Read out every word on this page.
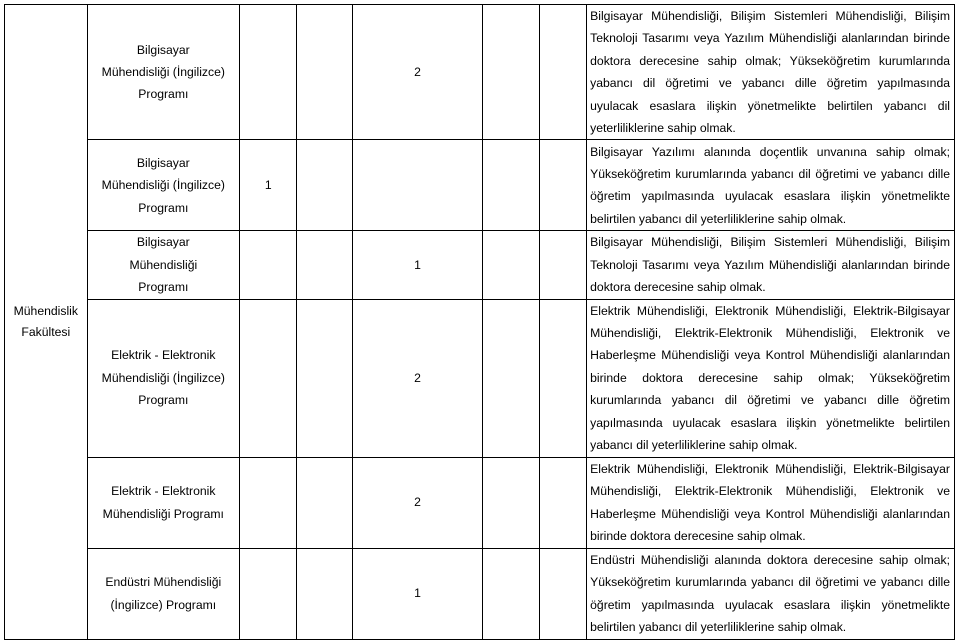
Mühendislik Fakültesi	Bilgisayar Mühendisliği (İngilizce) Programı			2			Bilgisayar Mühendisliği, Bilişim Sistemleri Mühendisliği, Bilişim Teknoloji Tasarımı veya Yazılım Mühendisliği alanlarından birinde doktora derecesine sahip olmak; Yükseköğretim kurumlarında yabancı dil öğretimi ve yabancı dille öğretim yapılmasında uyulacak esaslara ilişkin yönetmelikte belirtilen yabancı dil yeterliliklerine sahip olmak.
	Bilgisayar Mühendisliği (İngilizce) Programı	1					Bilgisayar Yazılımı alanında doçentlik unvanına sahip olmak; Yükseköğretim kurumlarında yabancı dil öğretimi ve yabancı dille öğretim yapılmasında uyulacak esaslara ilişkin yönetmelikte belirtilen yabancı dil yeterliliklerine sahip olmak.
	Bilgisayar Mühendisliği Programı			1			Bilgisayar Mühendisliği, Bilişim Sistemleri Mühendisliği, Bilişim Teknoloji Tasarımı veya Yazılım Mühendisliği alanlarından birinde doktora derecesine sahip olmak.
	Elektrik - Elektronik Mühendisliği (İngilizce) Programı			2			Elektrik Mühendisliği, Elektronik Mühendisliği, Elektrik-Bilgisayar Mühendisliği, Elektrik-Elektronik Mühendisliği, Elektronik ve Haberleşme Mühendisliği veya Kontrol Mühendisliği alanlarından birinde doktora derecesine sahip olmak; Yükseköğretim kurumlarında yabancı dil öğretimi ve yabancı dille öğretim yapılmasında uyulacak esaslara ilişkin yönetmelikte belirtilen yabancı dil yeterliliklerine sahip olmak.
	Elektrik - Elektronik Mühendisliği Programı			2			Elektrik Mühendisliği, Elektronik Mühendisliği, Elektrik-Bilgisayar Mühendisliği, Elektrik-Elektronik Mühendisliği, Elektronik ve Haberleşme Mühendisliği veya Kontrol Mühendisliği alanlarından birinde doktora derecesine sahip olmak.
	Endüstri Mühendisliği (İngilizce) Programı			1			Endüstri Mühendisliği alanında doktora derecesine sahip olmak; Yükseköğretim kurumlarında yabancı dil öğretimi ve yabancı dille öğretim yapılmasında uyulacak esaslara ilişkin yönetmelikte belirtilen yabancı dil yeterliliklerine sahip olmak.
